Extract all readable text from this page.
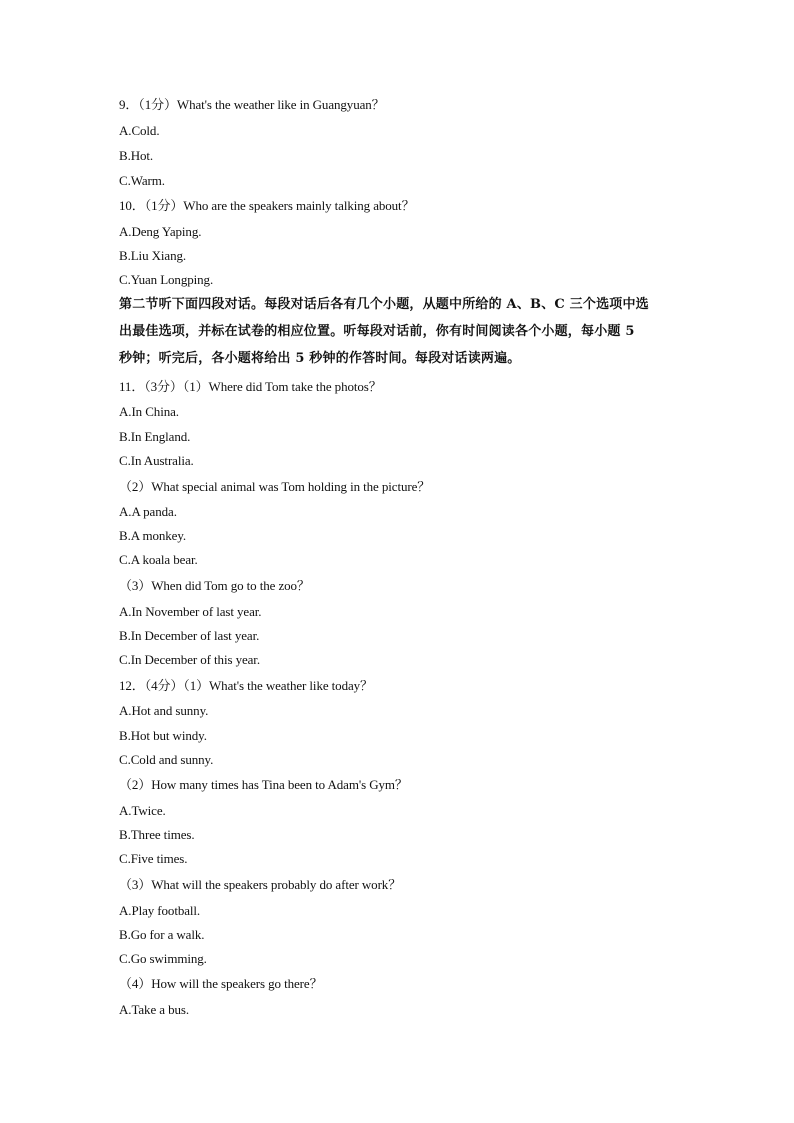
9．（1分）What's the weather like in Guangyuan？
A.Cold.
B.Hot.
C.Warm.
10．（1分）Who are the speakers mainly talking about？
A.Deng Yaping.
B.Liu Xiang.
C.Yuan Longping.
第二节听下面四段对话。每段对话后各有几个小题，从题中所给的 A、B、C 三个选项中选
出最佳选项，并标在试卷的相应位置。听每段对话前，你有时间阅读各个小题，每小题 5
秒钟；听完后，各小题将给出 5 秒钟的作答时间。每段对话读两遍。
11．（3分）（1）Where did Tom take the photos？
A.In China.
B.In England.
C.In Australia.
（2）What special animal was Tom holding in the picture？
A.A panda.
B.A monkey.
C.A koala bear.
（3）When did Tom go to the zoo？
A.In November of last year.
B.In December of last year.
C.In December of this year.
12．（4分）（1）What's the weather like today？
A.Hot and sunny.
B.Hot but windy.
C.Cold and sunny.
（2）How many times has Tina been to Adam's Gym？
A.Twice.
B.Three times.
C.Five times.
（3）What will the speakers probably do after work？
A.Play football.
B.Go for a walk.
C.Go swimming.
（4）How will the speakers go there？
A.Take a bus.
